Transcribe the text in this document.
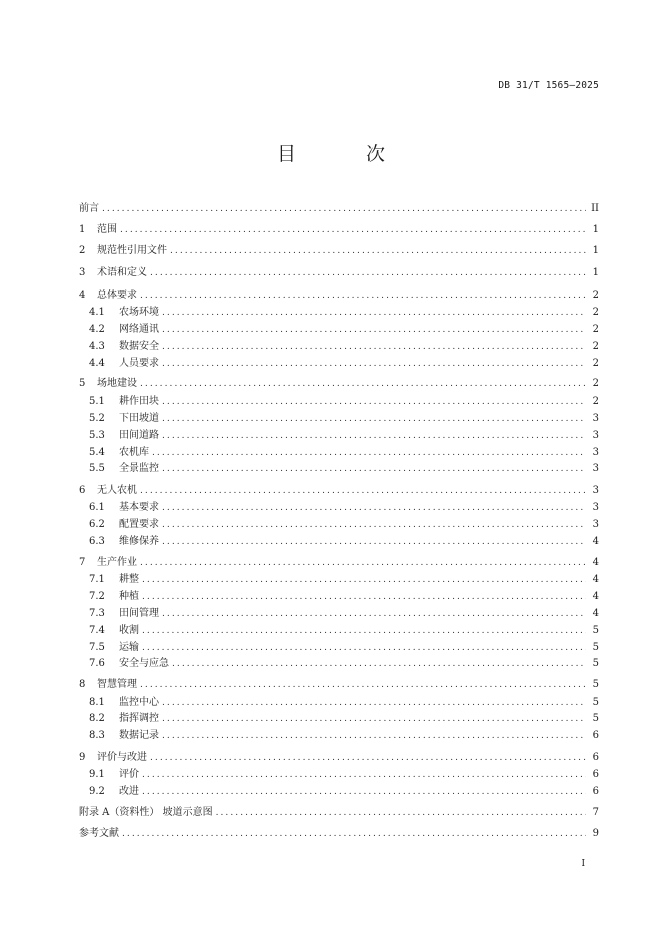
DB 31/T 1565—2025
目 次
前言 . . .	II
1	范围 . . .	1
2	规范性引用文件 . . .	1
3	术语和定义 . . .	1
4	总体要求 . . .	2
4.1	农场环境 . . .	2
4.2	网络通讯 . . .	2
4.3	数据安全 . . .	2
4.4	人员要求 . . .	2
5	场地建设 . . .	2
5.1	耕作田块 . . .	2
5.2	下田坡道 . . .	3
5.3	田间道路 . . .	3
5.4	农机库 . . .	3
5.5	全景监控 . . .	3
6	无人农机 . . .	3
6.1	基本要求 . . .	3
6.2	配置要求 . . .	3
6.3	维修保养 . . .	4
7	生产作业 . . .	4
7.1	耕整 . . .	4
7.2	种植 . . .	4
7.3	田间管理 . . .	4
7.4	收割 . . .	5
7.5	运输 . . .	5
7.6	安全与应急 . . .	5
8	智慧管理 . . .	5
8.1	监控中心 . . .	5
8.2	指挥调控 . . .	5
8.3	数据记录 . . .	6
9	评价与改进 . . .	6
9.1	评价 . . .	6
9.2	改进 . . .	6
附录 A（资料性） 坡道示意图 . . .	7
参考文献 . . .	9
I
